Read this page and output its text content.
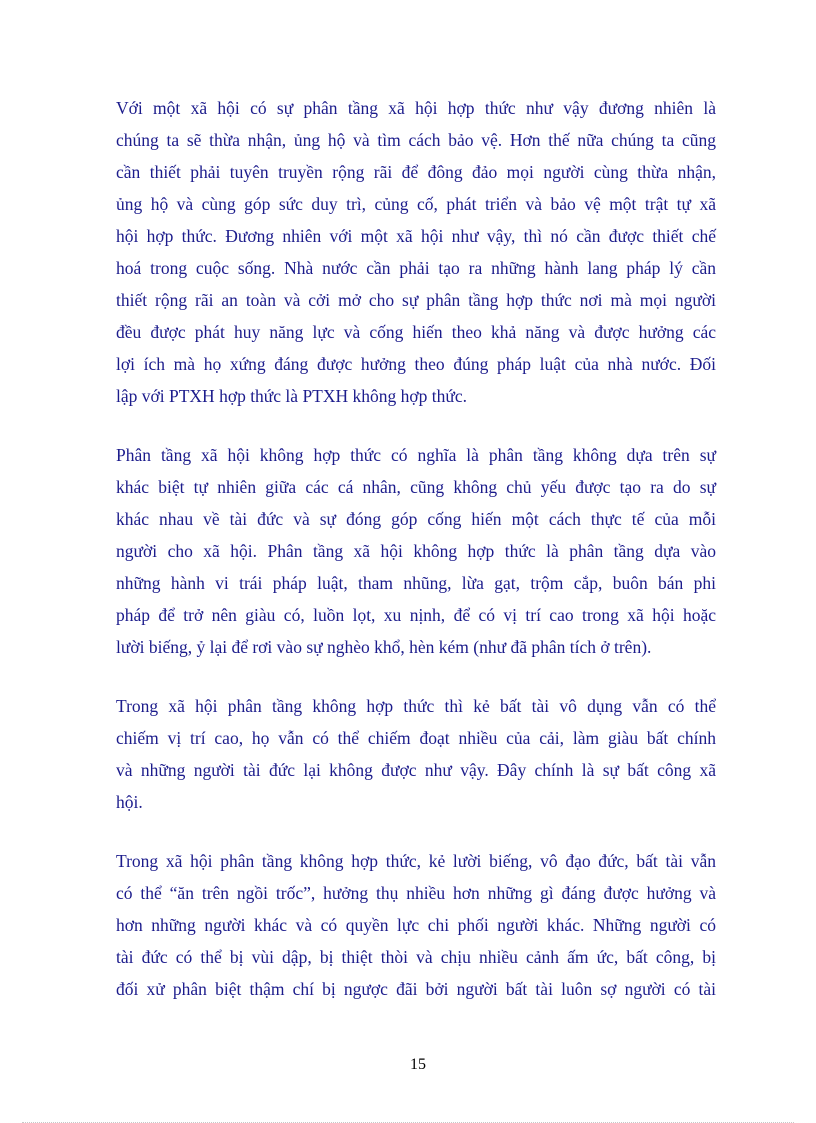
Với một xã hội có sự phân tầng xã hội hợp thức như vậy đương nhiên là
chúng ta sẽ thừa nhận, ủng hộ và tìm cách bảo vệ. Hơn thế nữa chúng ta cũng
cần thiết phải tuyên truyền rộng rãi để đông đảo mọi người cùng thừa nhận,
ủng hộ và cùng góp sức duy trì, củng cố, phát triển và bảo vệ một trật tự xã
hội hợp thức. Đương nhiên với một xã hội như vậy, thì nó cần được thiết chế
hoá trong cuộc sống. Nhà nước cần phải tạo ra những hành lang pháp lý cần
thiết rộng rãi an toàn và cởi mở cho sự phân tầng hợp thức nơi mà mọi người
đều được phát huy năng lực và cống hiến theo khả năng và được hưởng các
lợi ích mà họ xứng đáng được hưởng theo đúng pháp luật của nhà nước. Đối
lập với PTXH hợp thức là PTXH không hợp thức.
Phân tầng xã hội không hợp thức có nghĩa là phân tầng không dựa trên sự
khác biệt tự nhiên giữa các cá nhân, cũng không chủ yếu được tạo ra do sự
khác nhau về tài đức và sự đóng góp cống hiến một cách thực tế của mỗi
người cho xã hội. Phân tầng xã hội không hợp thức là phân tầng dựa vào
những hành vi trái pháp luật, tham nhũng, lừa gạt, trộm cắp, buôn bán phi
pháp để trở nên giàu có, luồn lọt, xu nịnh, để có vị trí cao trong xã hội hoặc
lười biếng, ỷ lại để rơi vào sự nghèo khổ, hèn kém (như đã phân tích ở trên).
Trong xã hội phân tầng không hợp thức thì kẻ bất tài vô dụng vẫn có thể
chiếm vị trí cao, họ vẫn có thể chiếm đoạt nhiều của cải, làm giàu bất chính
và những người tài đức lại không được như vậy. Đây chính là sự bất công xã
hội.
Trong xã hội phân tầng không hợp thức, kẻ lười biếng, vô đạo đức, bất tài vẫn
có thể “ăn trên ngồi trốc”, hưởng thụ nhiều hơn những gì đáng được hưởng và
hơn những người khác và có quyền lực chi phối người khác. Những người có
tài đức có thể bị vùi dập, bị thiệt thòi và chịu nhiều cảnh ấm ức, bất công, bị
đối xử phân biệt thậm chí bị ngược đãi bởi người bất tài luôn sợ người có tài
15
